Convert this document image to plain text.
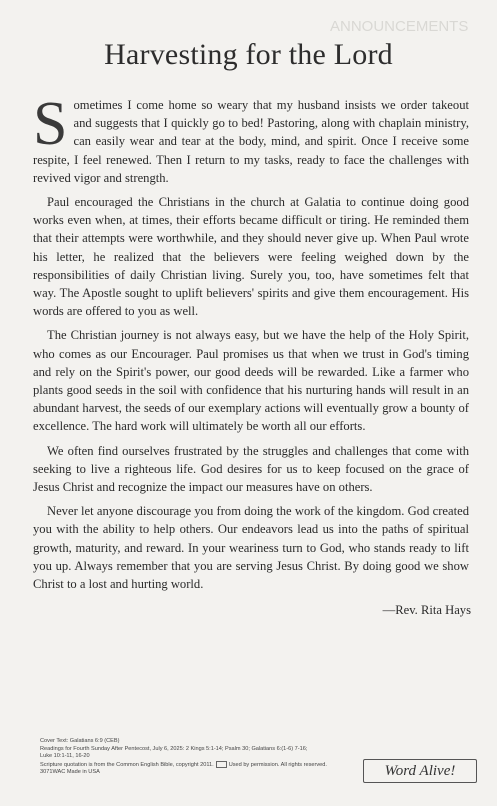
ANNOUNCEMENTS
Harvesting for the Lord

Sometimes I come home so weary that my husband insists we order takeout and suggests that I quickly go to bed! Pastoring, along with chaplain ministry, can easily wear and tear at the body, mind, and spirit. Once I receive some respite, I feel renewed. Then I return to my tasks, ready to face the challenges with revived vigor and strength.

Paul encouraged the Christians in the church at Galatia to continue doing good works even when, at times, their efforts became difficult or tiring. He reminded them that their attempts were worthwhile, and they should never give up. When Paul wrote his letter, he realized that the believers were feeling weighed down by the responsibilities of daily Christian living. Surely you, too, have sometimes felt that way. The Apostle sought to uplift believers' spirits and give them encouragement. His words are offered to you as well.

The Christian journey is not always easy, but we have the help of the Holy Spirit, who comes as our Encourager. Paul promises us that when we trust in God's timing and rely on the Spirit's power, our good deeds will be rewarded. Like a farmer who plants good seeds in the soil with confidence that his nurturing hands will result in an abundant harvest, the seeds of our exemplary actions will eventually grow a bounty of excellence. The hard work will ultimately be worth all our efforts.

We often find ourselves frustrated by the struggles and challenges that come with seeking to live a righteous life. God desires for us to keep focused on the grace of Jesus Christ and recognize the impact our measures have on others.

Never let anyone discourage you from doing the work of the kingdom. God created you with the ability to help others. Our endeavors lead us into the paths of spiritual growth, maturity, and reward. In your weariness turn to God, who stands ready to lift you up. Always remember that you are serving Jesus Christ. By doing good we show Christ to a lost and hurting world.

—Rev. Rita Hays
Cover Text: Galatians 6:9 (CEB)
Readings for Fourth Sunday After Pentecost, July 6, 2025: 2 Kings 5:1-14; Psalm 30; Galatians 6:(1-6) 7-16;
Luke 10:1-11, 16-20
Scripture quotation is from the Common English Bible, copyright 2011.	Used by permission. All rights reserved.
3071WAC Made in USA	Word Alive!
